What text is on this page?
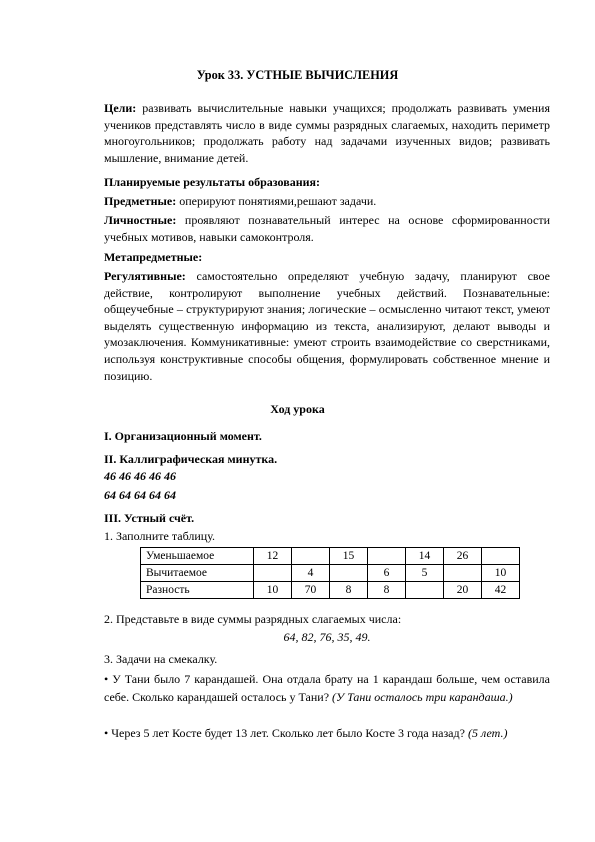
Урок 33. УСТНЫЕ ВЫЧИСЛЕНИЯ
Цели: развивать вычислительные навыки учащихся; продолжать развивать умения учеников представлять число в виде суммы разрядных слагаемых, находить периметр многоугольников; продолжать работу над задачами изученных видов; развивать мышление, внимание детей.
Планируемые результаты образования:
Предметные: оперируют понятиями,решают задачи.
Личностные: проявляют познавательный интерес на основе сформированности учебных мотивов, навыки самоконтроля.
Метапредметные:
Регулятивные: самостоятельно определяют учебную задачу, планируют свое действие, контролируют выполнение учебных действий. Познавательные: общеучебные – структурируют знания; логические – осмысленно читают текст, умеют выделять существенную информацию из текста, анализируют, делают выводы и умозаключения. Коммуникативные: умеют строить взаимодействие со сверстниками, используя конструктивные способы общения, формулировать собственное мнение и позицию.
Ход урока
I. Организационный момент.
II. Каллиграфическая минутка.
46 46 46 46 46
64 64 64 64 64
III. Устный счёт.
1. Заполните таблицу.
Уменьшаемое	12		15		14	26	
Вычитаемое		4		6	5		10
Разность	10	70	8	8		20	42
2. Представьте в виде суммы разрядных слагаемых числа:
64, 82, 76, 35, 49.
3. Задачи на смекалку.
• У Тани было 7 карандашей. Она отдала брату на 1 карандаш больше, чем оставила себе. Сколько карандашей осталось у Тани? (У Тани осталось три карандаша.)
• Через 5 лет Косте будет 13 лет. Сколько лет было Косте 3 года назад? (5 лет.)
